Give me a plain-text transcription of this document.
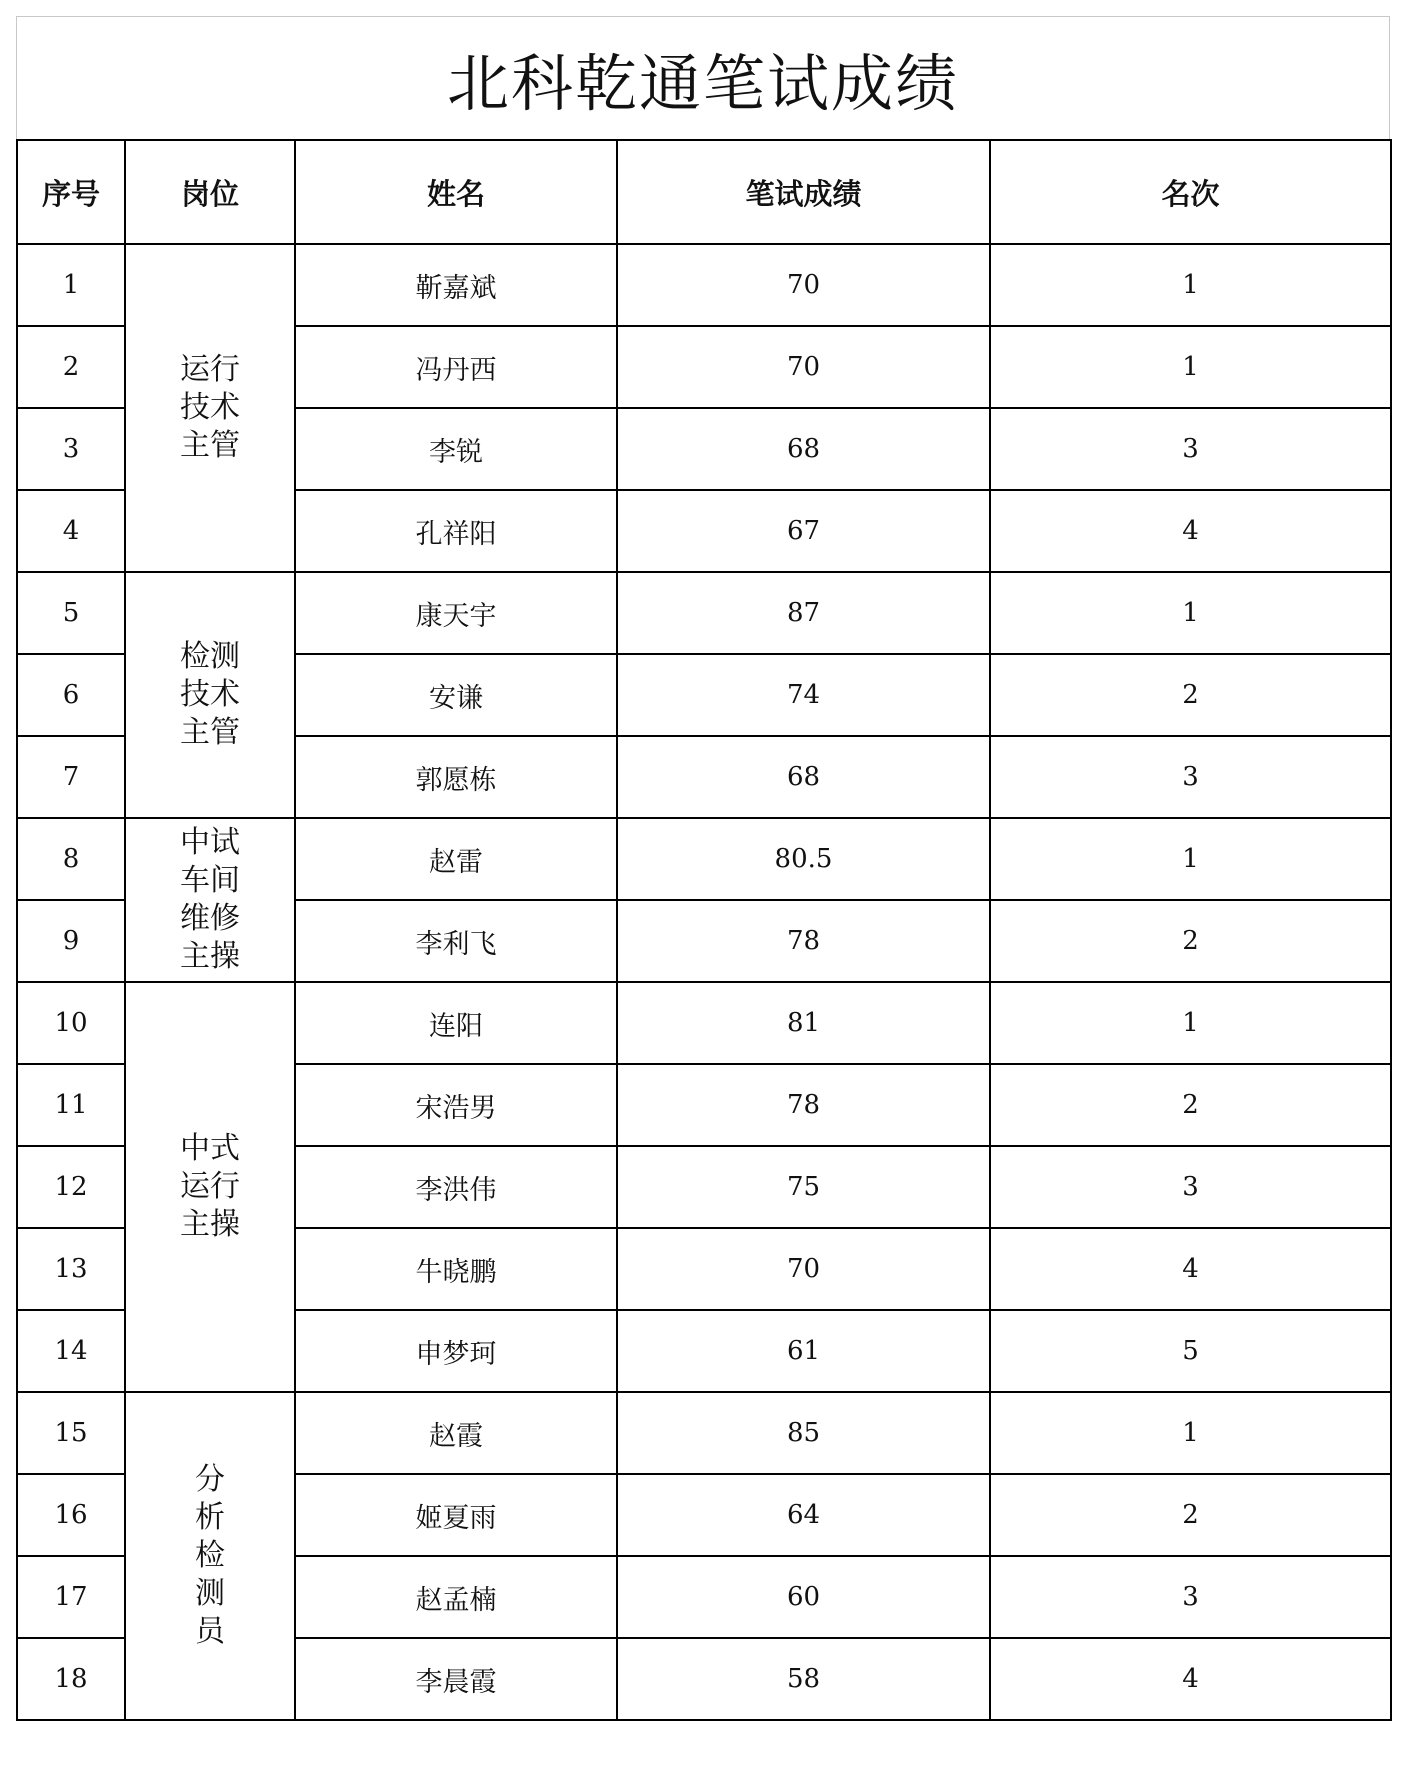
北科乾通笔试成绩
序号	岗位	姓名	笔试成绩	名次
1	运行技术主管	靳嘉斌	70	1
2		冯丹西	70	1
3		李锐	68	3
4		孔祥阳	67	4
5	检测技术主管	康天宇	87	1
6		安谦	74	2
7		郭愿栋	68	3
8	中试车间维修主操	赵雷	80.5	1
9		李利飞	78	2
10	中式运行主操	连阳	81	1
11		宋浩男	78	2
12		李洪伟	75	3
13		牛晓鹏	70	4
14		申梦珂	61	5
15	分析检测员	赵霞	85	1
16		姬夏雨	64	2
17		赵孟楠	60	3
18		李晨霞	58	4
